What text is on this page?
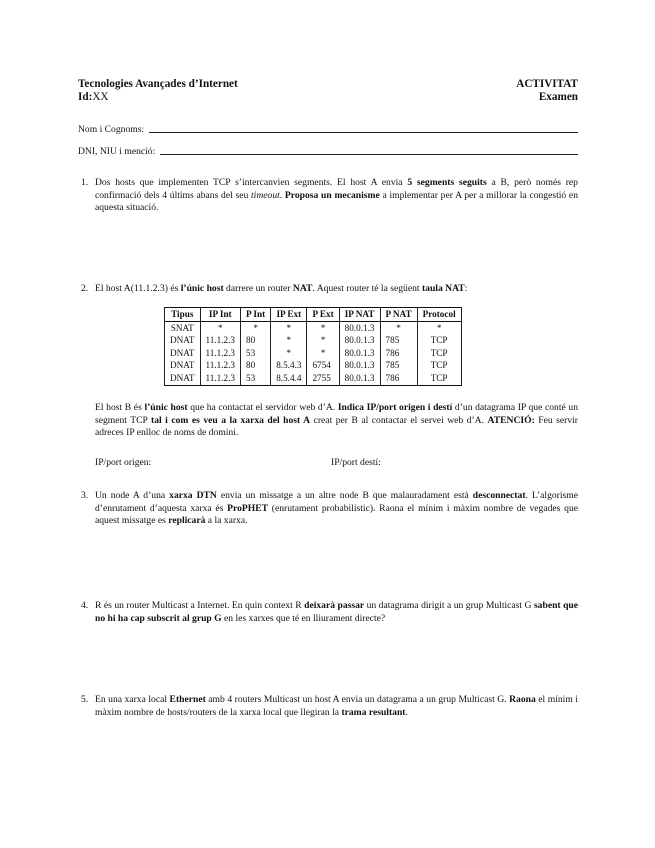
Tecnologies Avançades d’Internet
Id:XX
ACTIVITAT
Examen
Nom i Cognoms:
DNI, NIU i menció:
1. Dos hosts que implementen TCP s’intercanvien segments. El host A envia 5 segments seguits a B, però només rep confirmació dels 4 últims abans del seu timeout. Proposa un mecanisme a implementar per A per a millorar la congestió en aquesta situació.
2. El host A(11.1.2.3) és l’únic host darrere un router NAT. Aquest router té la següent taula NAT:
Tipus	IP Int	P Int	IP Ext	P Ext	IP NAT	P NAT	Protocol
SNAT	*	*	*	*	80.0.1.3	*	*
DNAT	11.1.2.3	80	*	*	80.0.1.3	785	TCP
DNAT	11.1.2.3	53	*	*	80.0.1.3	786	TCP
DNAT	11.1.2.3	80	8.5.4.3	6754	80.0.1.3	785	TCP
DNAT	11.1.2.3	53	8.5.4.4	2755	80.0.1.3	786	TCP
El host B és l’únic host que ha contactat el servidor web d’A. Indica IP/port origen i destí d’un datagrama IP que conté un segment TCP tal i com es veu a la xarxa del host A creat per B al contactar el servei web d’A. ATENCIÓ: Feu servir adreces IP enlloc de noms de domini.
IP/port origen:	IP/port destí:
3. Un node A d’una xarxa DTN envia un missatge a un altre node B que malauradament està desconnectat. L’algorisme d’enrutament d’aquesta xarxa és ProPHET (enrutament probabilístic). Raona el mínim i màxim nombre de vegades que aquest missatge es replicarà a la xarxa.
4. R és un router Multicast a Internet. En quin context R deixarà passar un datagrama dirigit a un grup Multicast G sabent que no hi ha cap subscrit al grup G en les xarxes que té en lliurament directe?
5. En una xarxa local Ethernet amb 4 routers Multicast un host A envia un datagrama a un grup Multicast G. Raona el mínim i màxim nombre de hosts/routers de la xarxa local que llegiran la trama resultant.
